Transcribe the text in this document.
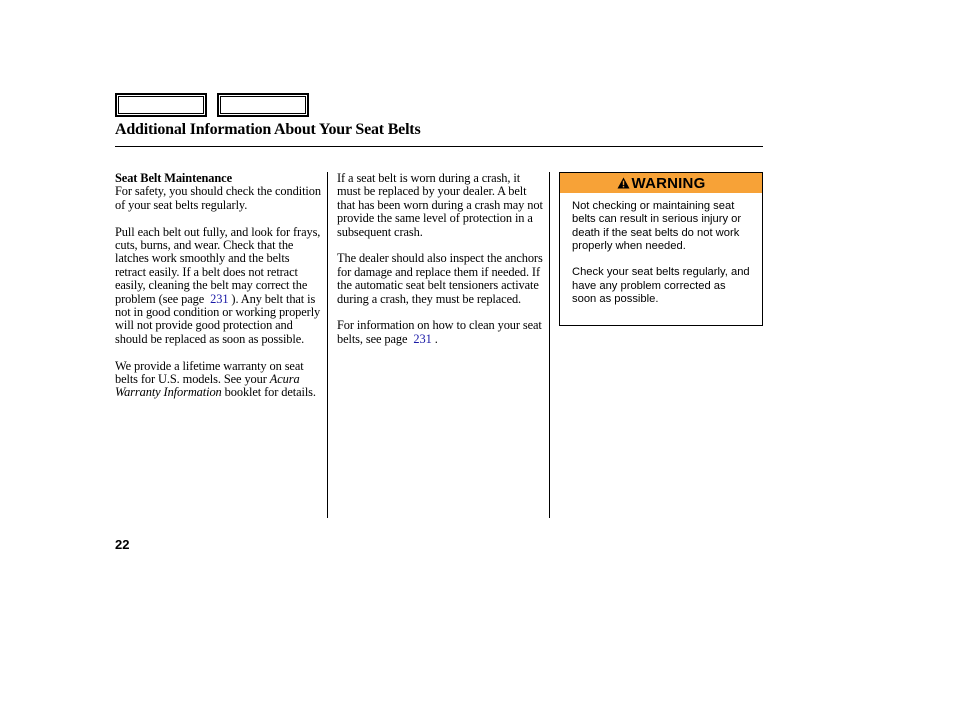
Additional Information About Your Seat Belts

Seat Belt Maintenance
For safety, you should check the condition of your seat belts regularly.

Pull each belt out fully, and look for frays, cuts, burns, and wear. Check that the latches work smoothly and the belts retract easily. If a belt does not retract easily, cleaning the belt may correct the problem (see page 231 ). Any belt that is not in good condition or working properly will not provide good protection and should be replaced as soon as possible.

We provide a lifetime warranty on seat belts for U.S. models. See your Acura Warranty Information booklet for details.

If a seat belt is worn during a crash, it must be replaced by your dealer. A belt that has been worn during a crash may not provide the same level of protection in a subsequent crash.

The dealer should also inspect the anchors for damage and replace them if needed. If the automatic seat belt tensioners activate during a crash, they must be replaced.

For information on how to clean your seat belts, see page 231 .

WARNING

Not checking or maintaining seat belts can result in serious injury or death if the seat belts do not work properly when needed.

Check your seat belts regularly, and have any problem corrected as soon as possible.

22
